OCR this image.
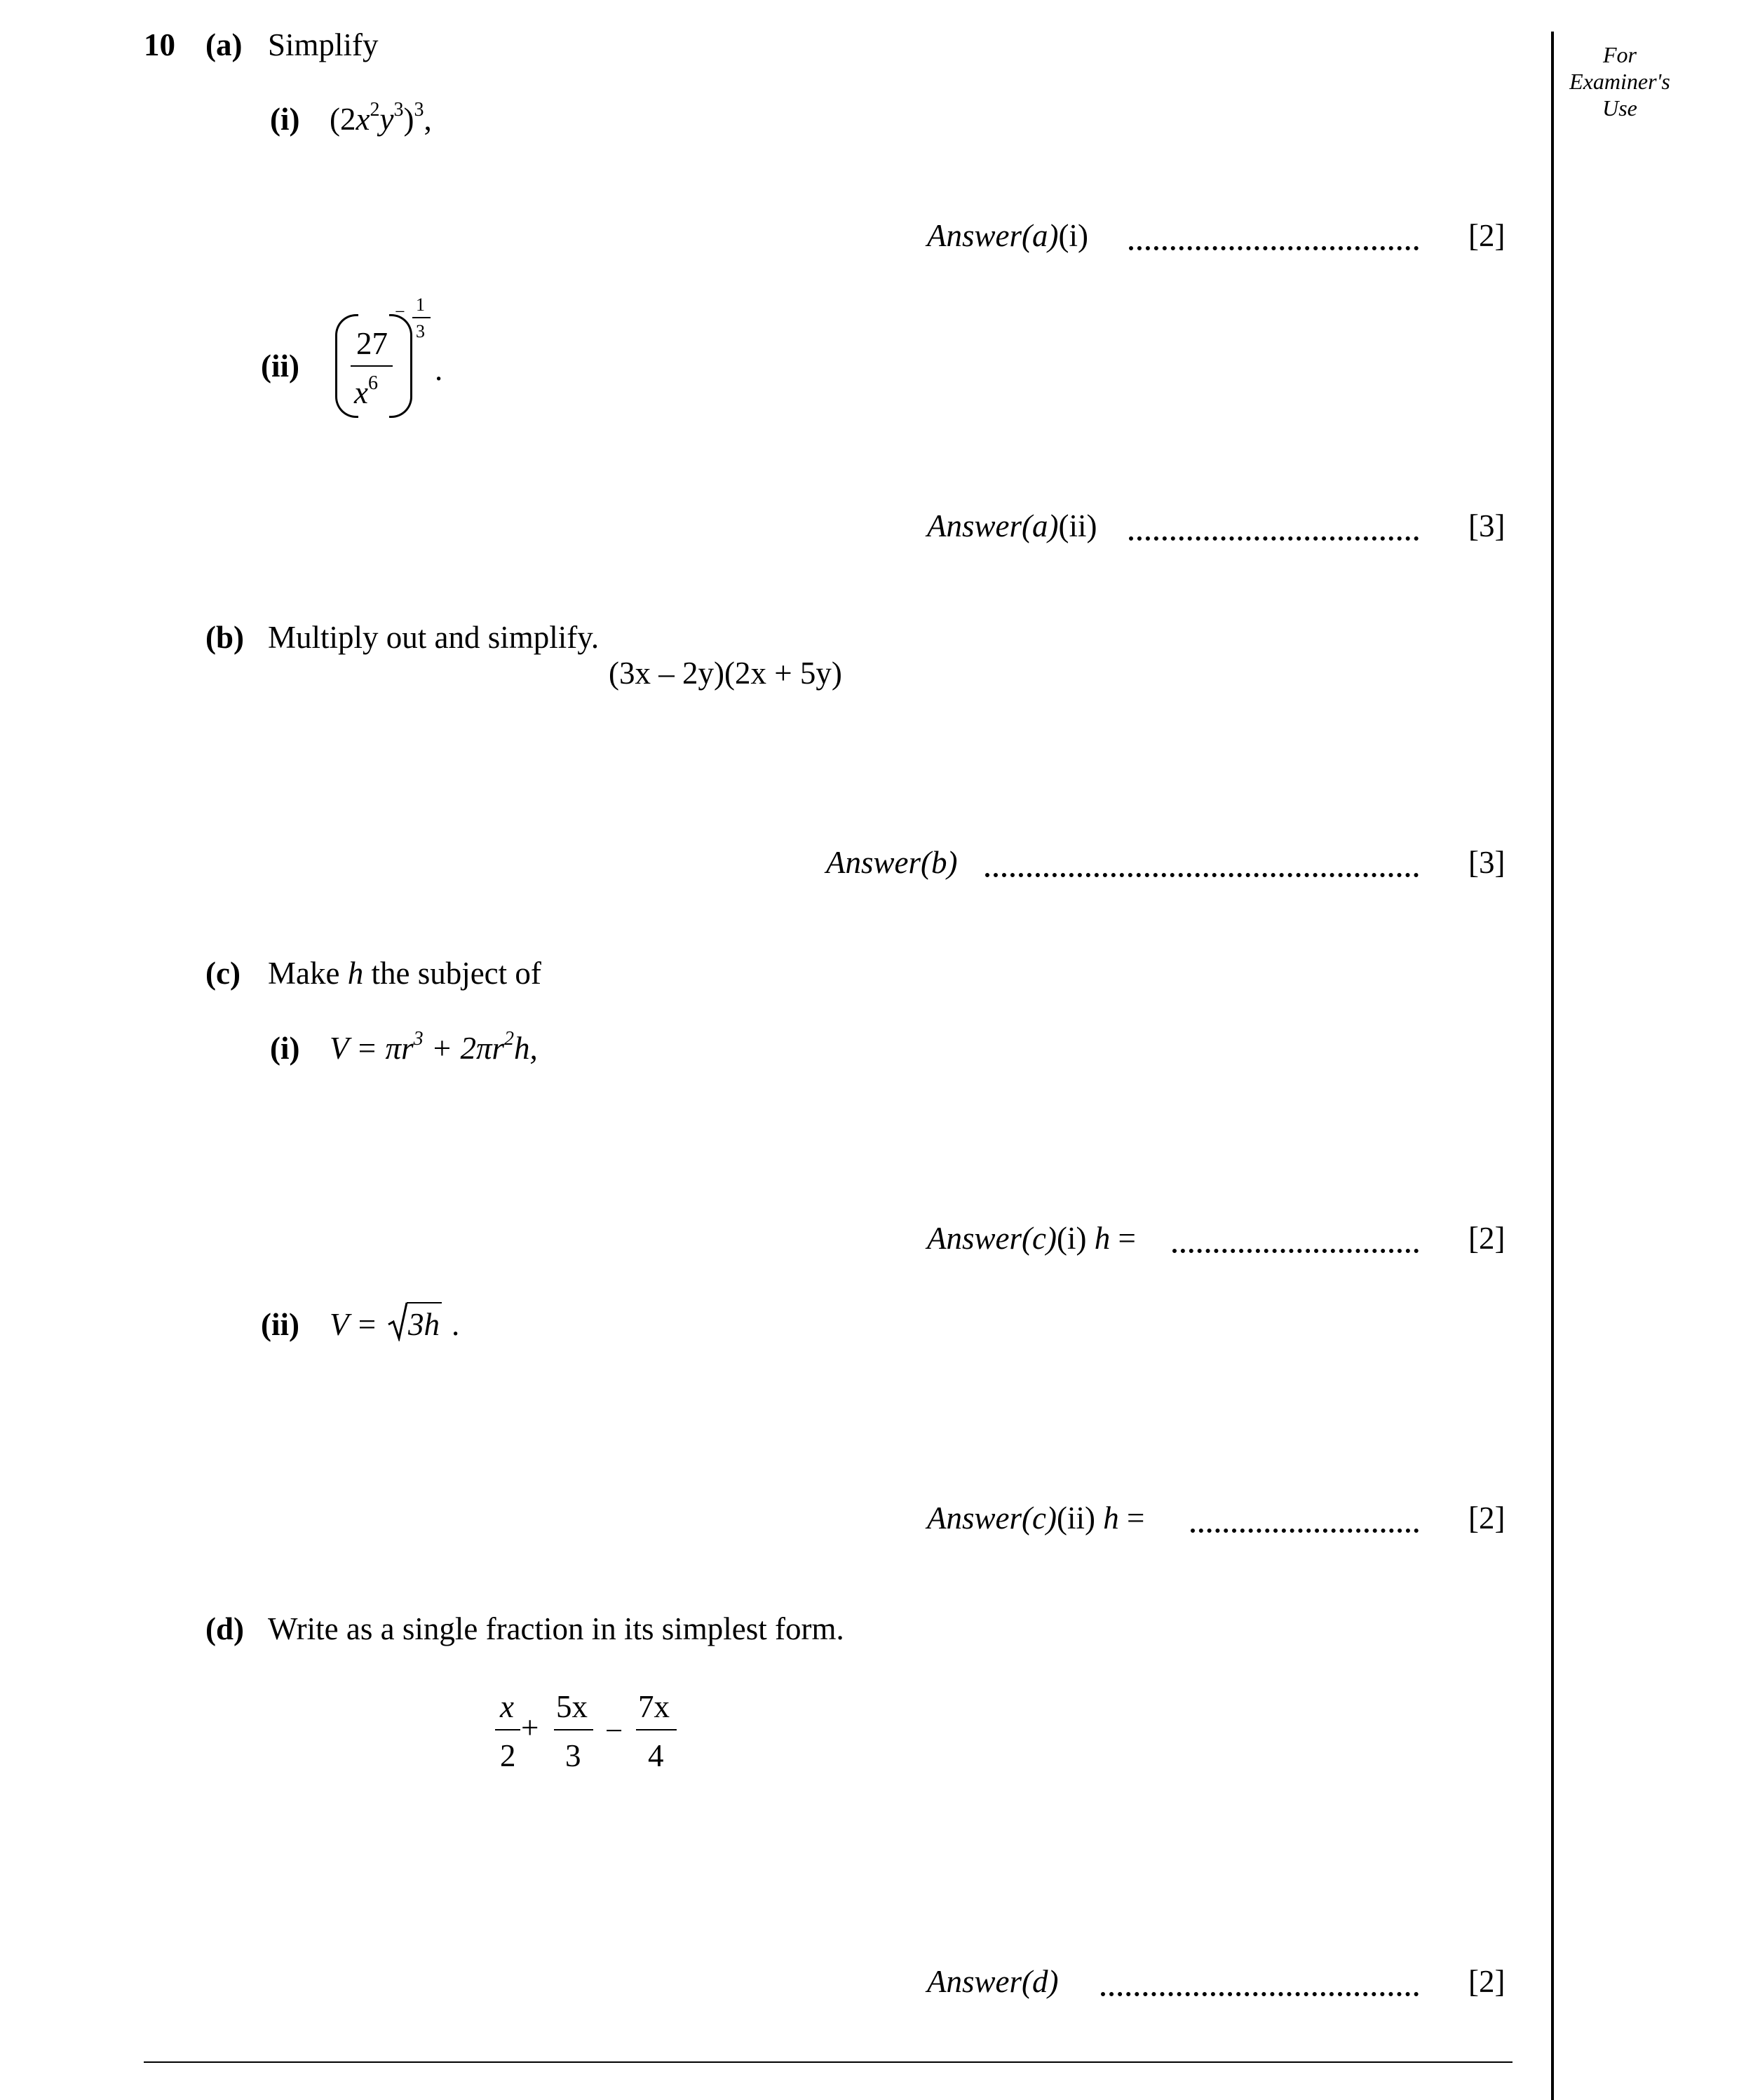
For
Examiner's
Use
10 (a) Simplify
(i) $(2x^2y^3)^3$,
Answer(a)(i)	[2]
(ii)
27
$x^6$
− 1
3
.
Answer(a)(ii)	[3]
(b) Multiply out and simplify.
(3x – 2y)(2x + 5y)
Answer(b)	[3]
(c) Make h the subject of
(i) $V = \pi r^3 + 2\pi r^2h$,
Answer(c)(i) h =	[2]
(ii) V = 3h .
Answer(c)(ii) h =	[2]
(d) Write as a single fraction in its simplest form.
x
2
+
5x
3
−
7x
4
Answer(d)	[2]
